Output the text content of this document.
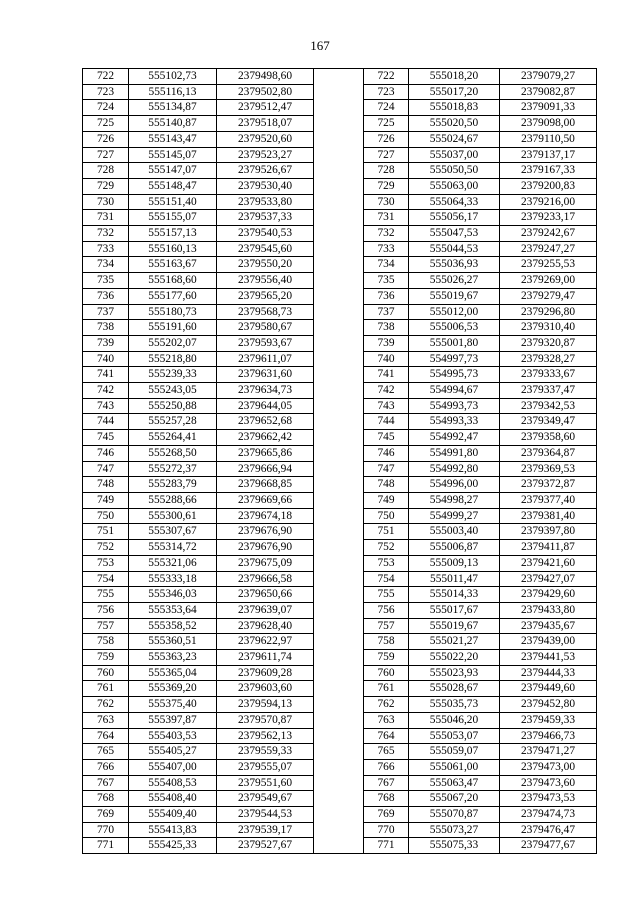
167
722	555102,73	2379498,60		722	555018,20	2379079,27
723	555116,13	2379502,80		723	555017,20	2379082,87
724	555134,87	2379512,47		724	555018,83	2379091,33
725	555140,87	2379518,07		725	555020,50	2379098,00
726	555143,47	2379520,60		726	555024,67	2379110,50
727	555145,07	2379523,27		727	555037,00	2379137,17
728	555147,07	2379526,67		728	555050,50	2379167,33
729	555148,47	2379530,40		729	555063,00	2379200,83
730	555151,40	2379533,80		730	555064,33	2379216,00
731	555155,07	2379537,33		731	555056,17	2379233,17
732	555157,13	2379540,53		732	555047,53	2379242,67
733	555160,13	2379545,60		733	555044,53	2379247,27
734	555163,67	2379550,20		734	555036,93	2379255,53
735	555168,60	2379556,40		735	555026,27	2379269,00
736	555177,60	2379565,20		736	555019,67	2379279,47
737	555180,73	2379568,73		737	555012,00	2379296,80
738	555191,60	2379580,67		738	555006,53	2379310,40
739	555202,07	2379593,67		739	555001,80	2379320,87
740	555218,80	2379611,07		740	554997,73	2379328,27
741	555239,33	2379631,60		741	554995,73	2379333,67
742	555243,05	2379634,73		742	554994,67	2379337,47
743	555250,88	2379644,05		743	554993,73	2379342,53
744	555257,28	2379652,68		744	554993,33	2379349,47
745	555264,41	2379662,42		745	554992,47	2379358,60
746	555268,50	2379665,86		746	554991,80	2379364,87
747	555272,37	2379666,94		747	554992,80	2379369,53
748	555283,79	2379668,85		748	554996,00	2379372,87
749	555288,66	2379669,66		749	554998,27	2379377,40
750	555300,61	2379674,18		750	554999,27	2379381,40
751	555307,67	2379676,90		751	555003,40	2379397,80
752	555314,72	2379676,90		752	555006,87	2379411,87
753	555321,06	2379675,09		753	555009,13	2379421,60
754	555333,18	2379666,58		754	555011,47	2379427,07
755	555346,03	2379650,66		755	555014,33	2379429,60
756	555353,64	2379639,07		756	555017,67	2379433,80
757	555358,52	2379628,40		757	555019,67	2379435,67
758	555360,51	2379622,97		758	555021,27	2379439,00
759	555363,23	2379611,74		759	555022,20	2379441,53
760	555365,04	2379609,28		760	555023,93	2379444,33
761	555369,20	2379603,60		761	555028,67	2379449,60
762	555375,40	2379594,13		762	555035,73	2379452,80
763	555397,87	2379570,87		763	555046,20	2379459,33
764	555403,53	2379562,13		764	555053,07	2379466,73
765	555405,27	2379559,33		765	555059,07	2379471,27
766	555407,00	2379555,07		766	555061,00	2379473,00
767	555408,53	2379551,60		767	555063,47	2379473,60
768	555408,40	2379549,67		768	555067,20	2379473,53
769	555409,40	2379544,53		769	555070,87	2379474,73
770	555413,83	2379539,17		770	555073,27	2379476,47
771	555425,33	2379527,67		771	555075,33	2379477,67
